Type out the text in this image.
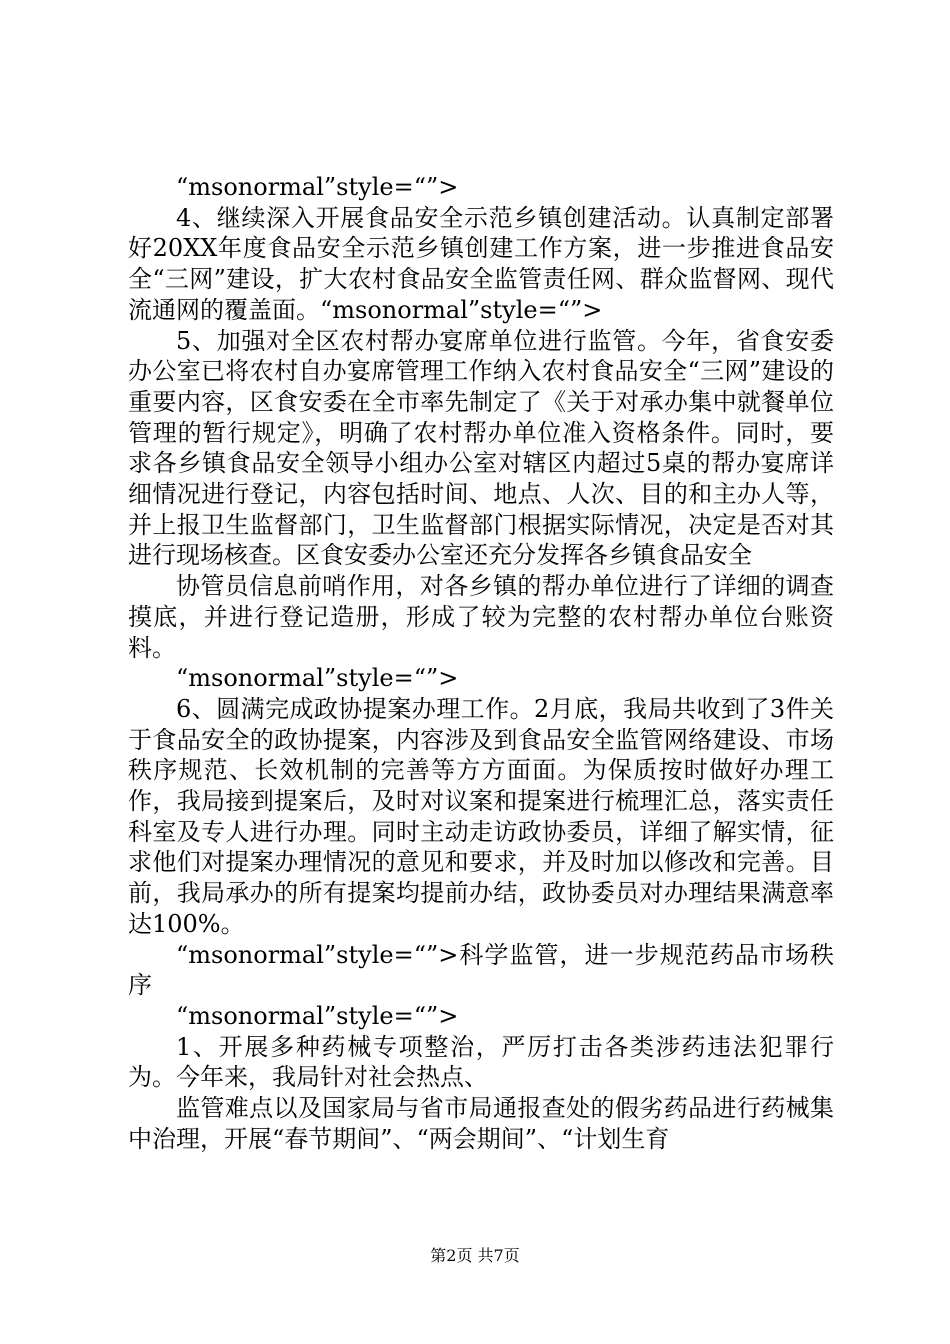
“msonormal”style=“”>

4、继续深入开展食品安全示范乡镇创建活动。认真制定部署好20XX年度食品安全示范乡镇创建工作方案，进一步推进食品安全“三网”建设，扩大农村食品安全监管责任网、群众监督网、现代流通网的覆盖面。“msonormal”style=“”>

5、加强对全区农村帮办宴席单位进行监管。今年，省食安委办公室已将农村自办宴席管理工作纳入农村食品安全“三网”建设的重要内容，区食安委在全市率先制定了《关于对承办集中就餐单位管理的暂行规定》，明确了农村帮办单位准入资格条件。同时，要求各乡镇食品安全领导小组办公室对辖区内超过5桌的帮办宴席详细情况进行登记，内容包括时间、地点、人次、目的和主办人等，并上报卫生监督部门，卫生监督部门根据实际情况，决定是否对其进行现场核查。区食安委办公室还充分发挥各乡镇食品安全

协管员信息前哨作用，对各乡镇的帮办单位进行了详细的调查摸底，并进行登记造册，形成了较为完整的农村帮办单位台账资料。

“msonormal”style=“”>

6、圆满完成政协提案办理工作。2月底，我局共收到了3件关于食品安全的政协提案，内容涉及到食品安全监管网络建设、市场秩序规范、长效机制的完善等方方面面。为保质按时做好办理工作，我局接到提案后，及时对议案和提案进行梳理汇总，落实责任科室及专人进行办理。同时主动走访政协委员，详细了解实情，征求他们对提案办理情况的意见和要求，并及时加以修改和完善。目前，我局承办的所有提案均提前办结，政协委员对办理结果满意率达100%。

“msonormal”style=“”>科学监管，进一步规范药品市场秩序

“msonormal”style=“”>

1、开展多种药械专项整治，严厉打击各类涉药违法犯罪行为。今年来，我局针对社会热点、

监管难点以及国家局与省市局通报查处的假劣药品进行药械集中治理，开展“春节期间”、“两会期间”、“计划生育

第2页 共7页
